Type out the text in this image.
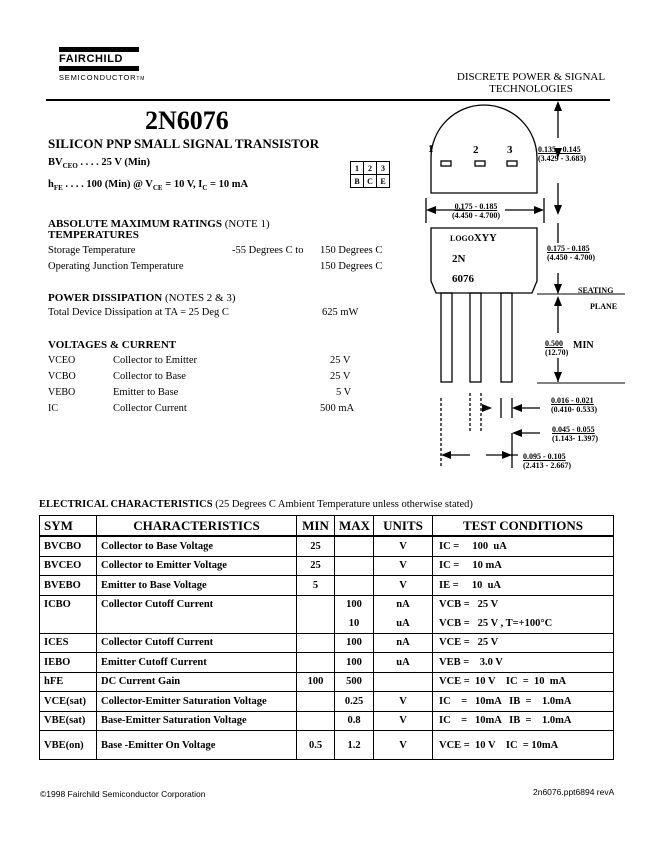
FAIRCHILD
SEMICONDUCTORTM	DISCRETE POWER & SIGNAL
TECHNOLOGIES
2N6076
SILICON PNP SMALL SIGNAL TRANSISTOR
$BV_{CEO}$ . . . . 25 V (Min)
$h_{FE}$ . . . . 100 (Min) @ $V_{CE} = 10$ V, $I_C = 10$ mA
1	2	3
B	C	E
ABSOLUTE MAXIMUM RATINGS (NOTE 1)
TEMPERATURES
Storage Temperature	-55 Degrees C to 150 Degrees C
Operating Junction Temperature	150 Degrees C
POWER DISSIPATION (NOTES 2 & 3)
Total Device Dissipation at TA = 25 Deg C	625 mW
VOLTAGES & CURRENT
VCEO	Collector to Emitter	25 V
VCBO	Collector to Base	25 V
VEBO	Emitter to Base	5 V
IC	Collector Current	500 mA
1	2	3	0.135 - 0.145
(3.429 - 3.683)
0.175 - 0.185
(4.450 - 4.700)
0.175 - 0.185
(4.450 - 4.700)
LOGOXYY
2N
6076
SEATING
PLANE
0.500
(12.70)
MIN
0.016 - 0.021
(0.410- 0.533)
0.045 - 0.055
(1.143- 1.397)
0.095 - 0.105
(2.413 - 2.667)
ELECTRICAL CHARACTERISTICS (25 Degrees C Ambient Temperature unless otherwise stated)
SYM	CHARACTERISTICS	MIN	MAX	UNITS	TEST CONDITIONS
BVCBO	Collector to Base Voltage	25		V	IC =     100  uA
BVCEO	Collector to Emitter Voltage	25		V	IC =     10 mA
BVEBO	Emitter to Base Voltage	5		V	IE =     10  uA
ICBO	Collector Cutoff Current		100	nA	VCB =   25 V
			10	uA	VCB =   25 V , T=+100°C
ICES	Collector Cutoff Current		100	nA	VCE =   25 V
IEBO	Emitter Cutoff Current		100	uA	VEB =    3.0 V
hFE	DC Current Gain	100	500		VCE =  10 V    IC  =  10  mA
VCE(sat)	Collector-Emitter Saturation Voltage		0.25	V	IC    =   10mA   IB  =    1.0mA
VBE(sat)	Base-Emitter Saturation Voltage		0.8	V	IC    =   10mA   IB  =    1.0mA
VBE(on)	Base -Emitter On Voltage	0.5	1.2	V	VCE =  10 V    IC  = 10mA
©1998 Fairchild Semiconductor Corporation	2n6076.ppt6894 revA
